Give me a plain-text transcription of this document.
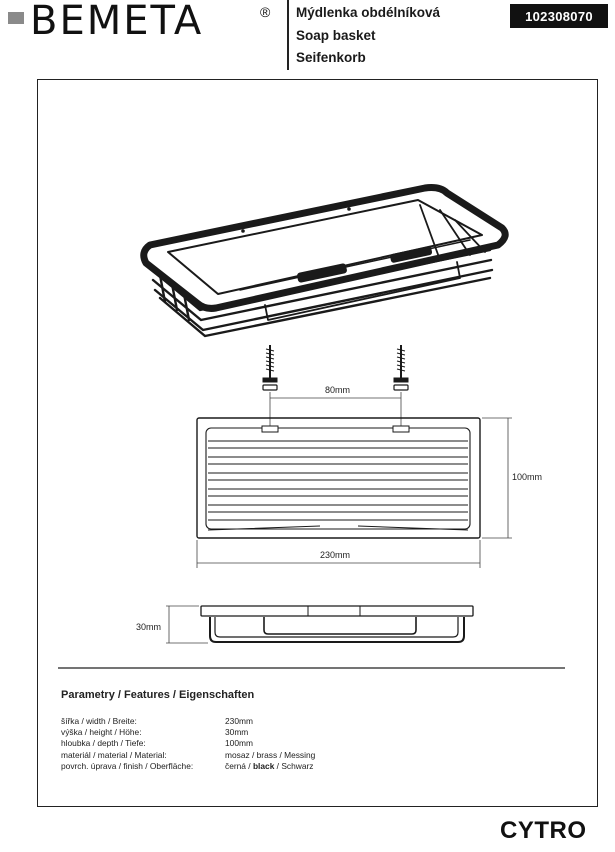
BEMETA	® Mýdlenka obdélníková
Soap basket
Seifenkorb
102308070
80mm
100mm
230mm
30mm
Parametry / Features / Eigenschaften
šířka / width / Breite:	230mm
výška / height / Höhe:	30mm
hloubka / depth / Tiefe:	100mm
materiál / material / Material:	mosaz / brass / Messing
povrch. úprava / finish / Oberfläche:	černá / black / Schwarz
CYTRO
